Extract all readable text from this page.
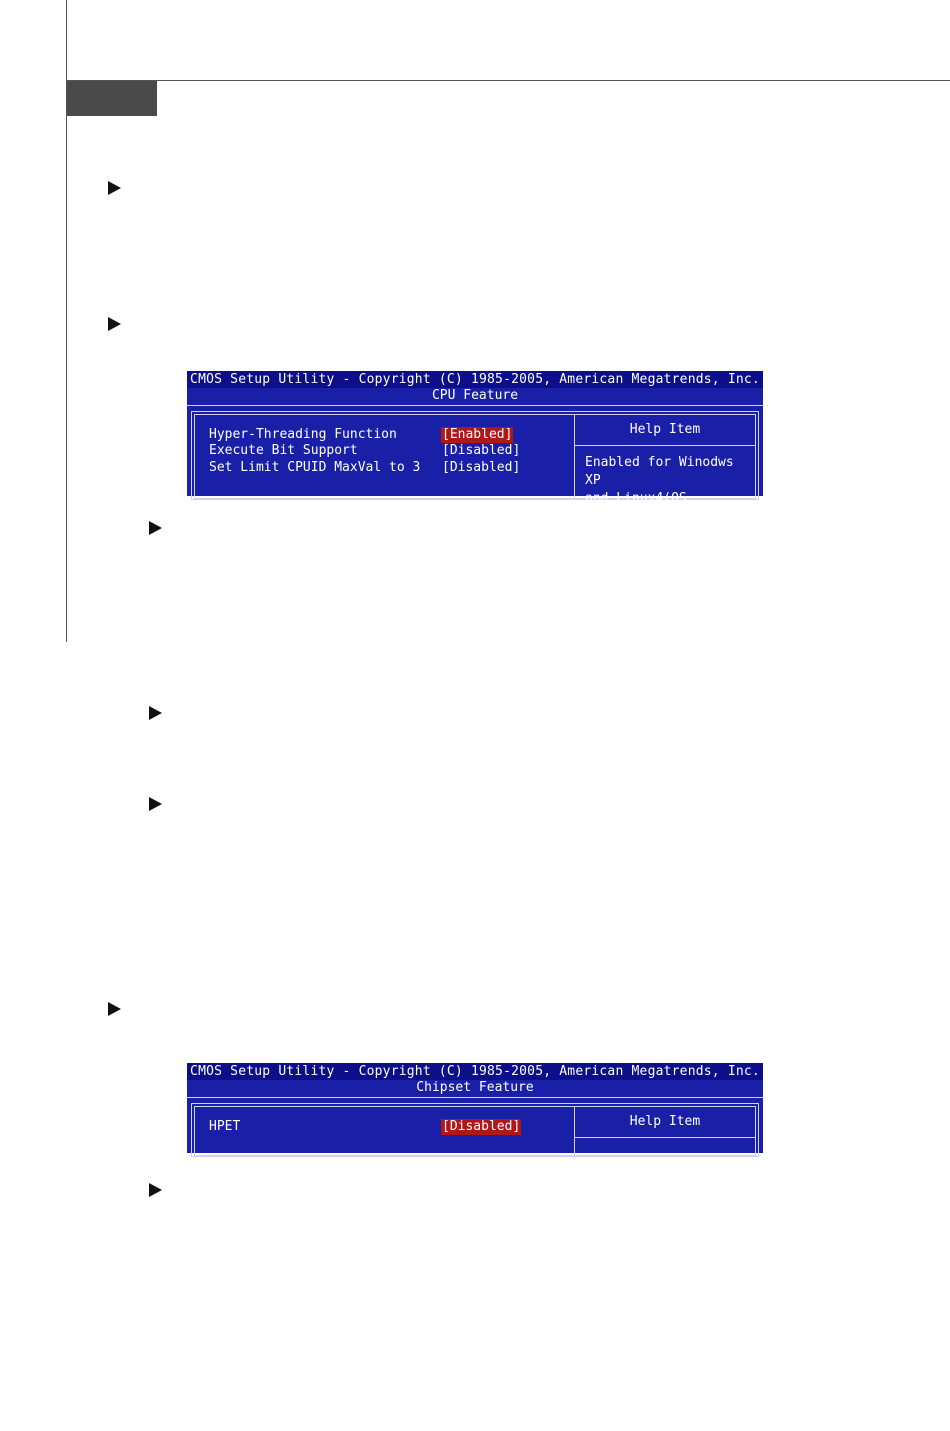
CMOS Setup Utility - Copyright (C) 1985-2005, American Megatrends, Inc.
CPU Feature
Hyper-Threading Function	[Enabled]
Execute Bit Support	[Disabled]
Set Limit CPUID MaxVal to 3 [Disabled]
Help Item
Enabled for Winodws XP
and Linux4(OS optimiz-
CMOS Setup Utility - Copyright (C) 1985-2005, American Megatrends, Inc.
Chipset Feature
HPET	[Disabled]	Help Item
